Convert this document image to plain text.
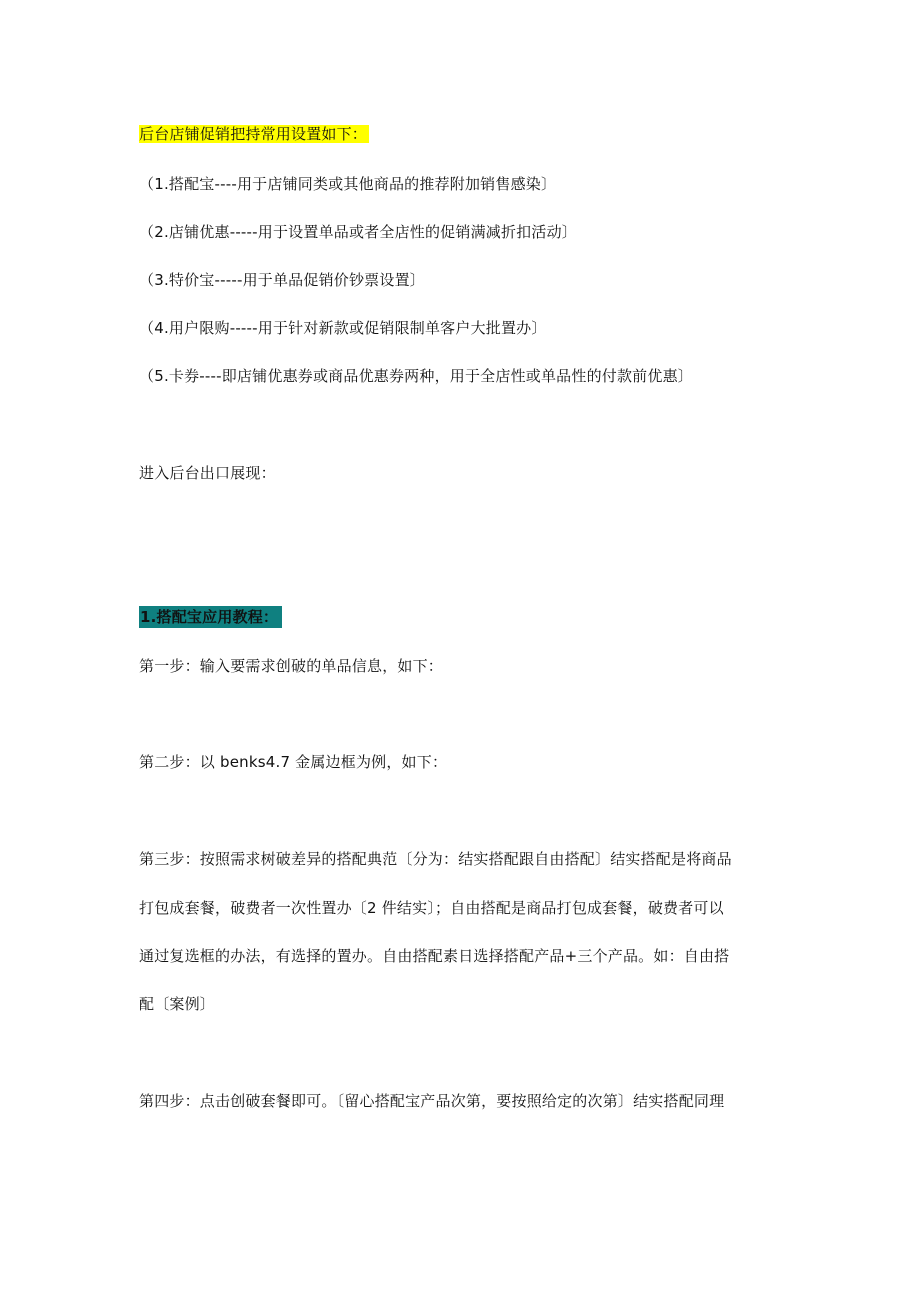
后台店铺促销把持常用设置如下：
（1.搭配宝----用于店铺同类或其他商品的推荐附加销售感染〕
（2.店铺优惠-----用于设置单品或者全店性的促销满减折扣活动〕
（3.特价宝-----用于单品促销价钞票设置〕
（4.用户限购-----用于针对新款或促销限制单客户大批置办〕
（5.卡券----即店铺优惠券或商品优惠券两种，用于全店性或单品性的付款前优惠〕
进入后台出口展现：
1.搭配宝应用教程：
第一步：输入要需求创破的单品信息，如下：
第二步：以 benks4.7 金属边框为例，如下：
第三步：按照需求树破差异的搭配典范〔分为：结实搭配跟自由搭配〕结实搭配是将商品
打包成套餐，破费者一次性置办〔2 件结实〕；自由搭配是商品打包成套餐，破费者可以
通过复选框的办法，有选择的置办。自由搭配素日选择搭配产品+三个产品。如：自由搭
配〔案例〕
第四步：点击创破套餐即可。〔留心搭配宝产品次第，要按照给定的次第〕结实搭配同理
